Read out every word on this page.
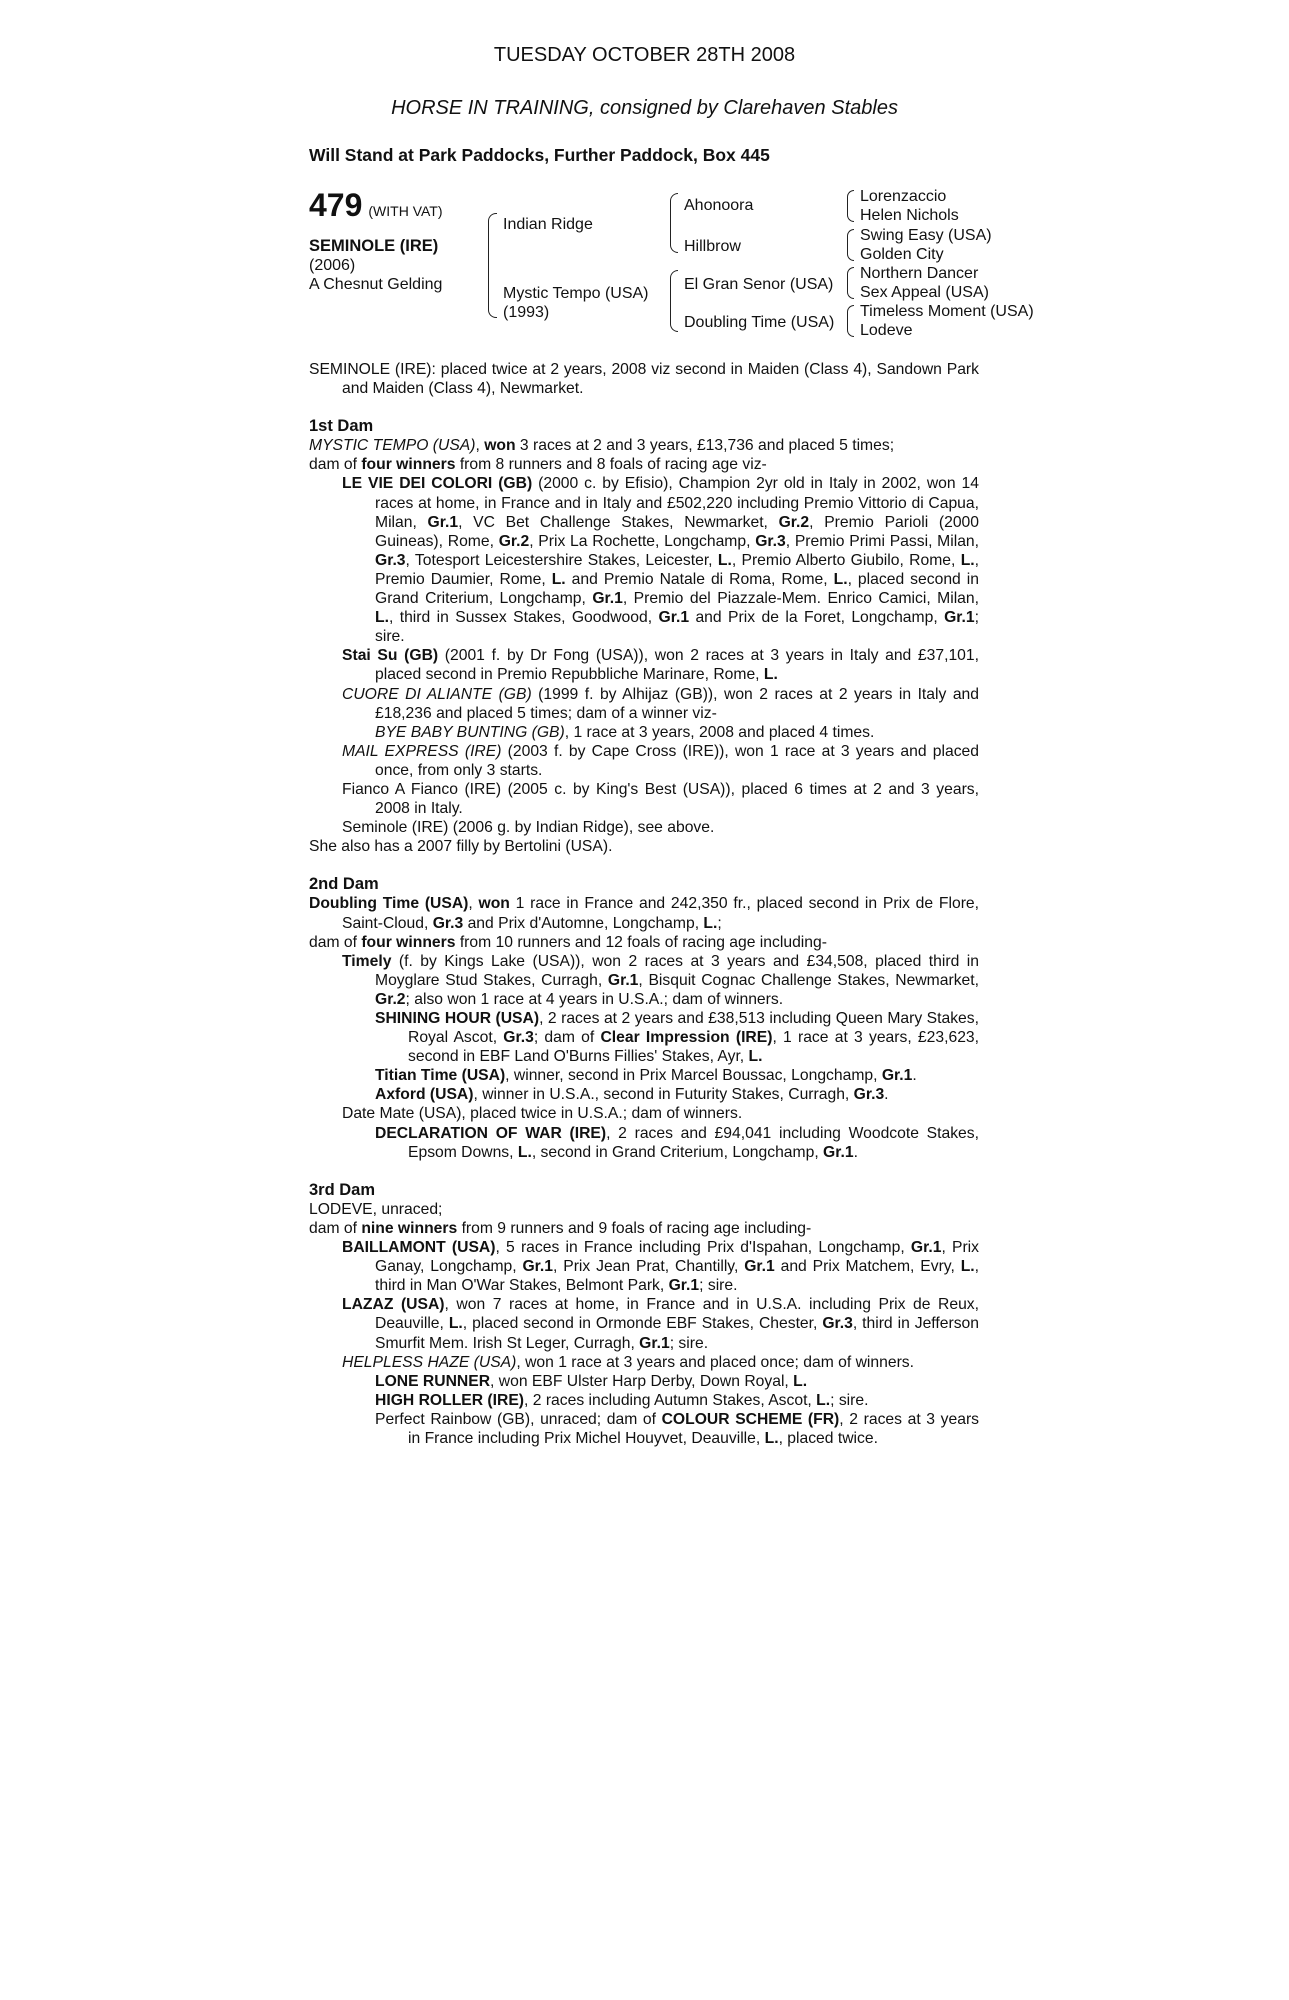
TUESDAY OCTOBER 28TH 2008
HORSE IN TRAINING, consigned by Clarehaven Stables
Will Stand at Park Paddocks, Further Paddock, Box 445
479 (WITH VAT)
SEMINOLE (IRE)
(2006)
A Chesnut Gelding
Indian Ridge
Mystic Tempo (USA)
(1993)
Ahonoora
Hillbrow
El Gran Senor (USA)
Doubling Time (USA)
Lorenzaccio
Helen Nichols
Swing Easy (USA)
Golden City
Northern Dancer
Sex Appeal (USA)
Timeless Moment (USA)
Lodeve

SEMINOLE (IRE): placed twice at 2 years, 2008 viz second in Maiden (Class 4), Sandown Park and Maiden (Class 4), Newmarket.

1st Dam

MYSTIC TEMPO (USA), won 3 races at 2 and 3 years, £13,736 and placed 5 times;

dam of four winners from 8 runners and 8 foals of racing age viz-

LE VIE DEI COLORI (GB) (2000 c. by Efisio), Champion 2yr old in Italy in 2002, won 14 races at home, in France and in Italy and £502,220 including Premio Vittorio di Capua, Milan, Gr.1, VC Bet Challenge Stakes, Newmarket, Gr.2, Premio Parioli (2000 Guineas), Rome, Gr.2, Prix La Rochette, Longchamp, Gr.3, Premio Primi Passi, Milan, Gr.3, Totesport Leicestershire Stakes, Leicester, L., Premio Alberto Giubilo, Rome, L., Premio Daumier, Rome, L. and Premio Natale di Roma, Rome, L., placed second in Grand Criterium, Longchamp, Gr.1, Premio del Piazzale-Mem. Enrico Camici, Milan, L., third in Sussex Stakes, Goodwood, Gr.1 and Prix de la Foret, Longchamp, Gr.1; sire.

Stai Su (GB) (2001 f. by Dr Fong (USA)), won 2 races at 3 years in Italy and £37,101, placed second in Premio Repubbliche Marinare, Rome, L.

CUORE DI ALIANTE (GB) (1999 f. by Alhijaz (GB)), won 2 races at 2 years in Italy and £18,236 and placed 5 times; dam of a winner viz-

BYE BABY BUNTING (GB), 1 race at 3 years, 2008 and placed 4 times.

MAIL EXPRESS (IRE) (2003 f. by Cape Cross (IRE)), won 1 race at 3 years and placed once, from only 3 starts.

Fianco A Fianco (IRE) (2005 c. by King's Best (USA)), placed 6 times at 2 and 3 years, 2008 in Italy.

Seminole (IRE) (2006 g. by Indian Ridge), see above.

She also has a 2007 filly by Bertolini (USA).

2nd Dam

Doubling Time (USA), won 1 race in France and 242,350 fr., placed second in Prix de Flore, Saint-Cloud, Gr.3 and Prix d'Automne, Longchamp, L.;

dam of four winners from 10 runners and 12 foals of racing age including-

Timely (f. by Kings Lake (USA)), won 2 races at 3 years and £34,508, placed third in Moyglare Stud Stakes, Curragh, Gr.1, Bisquit Cognac Challenge Stakes, Newmarket, Gr.2; also won 1 race at 4 years in U.S.A.; dam of winners.

SHINING HOUR (USA), 2 races at 2 years and £38,513 including Queen Mary Stakes, Royal Ascot, Gr.3; dam of Clear Impression (IRE), 1 race at 3 years, £23,623, second in EBF Land O'Burns Fillies' Stakes, Ayr, L.

Titian Time (USA), winner, second in Prix Marcel Boussac, Longchamp, Gr.1.

Axford (USA), winner in U.S.A., second in Futurity Stakes, Curragh, Gr.3.

Date Mate (USA), placed twice in U.S.A.; dam of winners.

DECLARATION OF WAR (IRE), 2 races and £94,041 including Woodcote Stakes, Epsom Downs, L., second in Grand Criterium, Longchamp, Gr.1.

3rd Dam

LODEVE, unraced;

dam of nine winners from 9 runners and 9 foals of racing age including-

BAILLAMONT (USA), 5 races in France including Prix d'Ispahan, Longchamp, Gr.1, Prix Ganay, Longchamp, Gr.1, Prix Jean Prat, Chantilly, Gr.1 and Prix Matchem, Evry, L., third in Man O'War Stakes, Belmont Park, Gr.1; sire.

LAZAZ (USA), won 7 races at home, in France and in U.S.A. including Prix de Reux, Deauville, L., placed second in Ormonde EBF Stakes, Chester, Gr.3, third in Jefferson Smurfit Mem. Irish St Leger, Curragh, Gr.1; sire.

HELPLESS HAZE (USA), won 1 race at 3 years and placed once; dam of winners.

LONE RUNNER, won EBF Ulster Harp Derby, Down Royal, L.

HIGH ROLLER (IRE), 2 races including Autumn Stakes, Ascot, L.; sire.

Perfect Rainbow (GB), unraced; dam of COLOUR SCHEME (FR), 2 races at 3 years in France including Prix Michel Houyvet, Deauville, L., placed twice.
